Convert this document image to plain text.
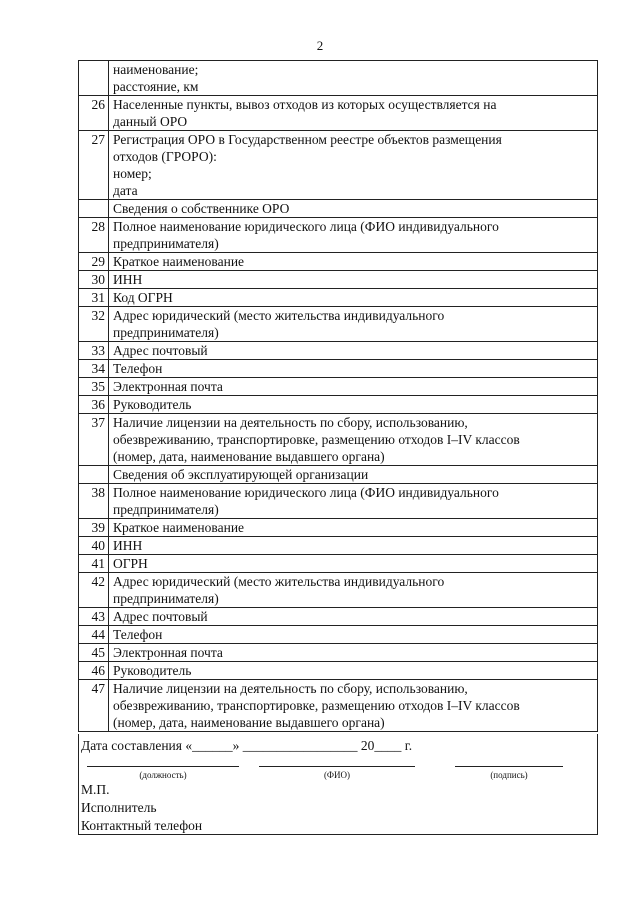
2
наименование;
расстояние, км
26 Населенные пункты, вывоз отходов из которых осуществляется на
данный ОРО
27 Регистрация ОРО в Государственном реестре объектов размещения
отходов (ГРОРО):
номер;
дата
Сведения о собственнике ОРО
28 Полное наименование юридического лица (ФИО индивидуального
предпринимателя)
29 Краткое наименование
30 ИНН
31 Код ОГРН
32 Адрес юридический (место жительства индивидуального
предпринимателя)
33 Адрес почтовый
34 Телефон
35 Электронная почта
36 Руководитель
37 Наличие лицензии на деятельность по сбору, использованию,
обезвреживанию, транспортировке, размещению отходов I–IV классов
(номер, дата, наименование выдавшего органа)
Сведения об эксплуатирующей организации
38 Полное наименование юридического лица (ФИО индивидуального
предпринимателя)
39 Краткое наименование
40 ИНН
41 ОГРН
42 Адрес юридический (место жительства индивидуального
предпринимателя)
43 Адрес почтовый
44 Телефон
45 Электронная почта
46 Руководитель
47 Наличие лицензии на деятельность по сбору, использованию,
обезвреживанию, транспортировке, размещению отходов I–IV классов
(номер, дата, наименование выдавшего органа)
Дата составления «______» _________________ 20____ г.
(должность)	(ФИО)	(подпись)
М.П.
Исполнитель
Контактный телефон
